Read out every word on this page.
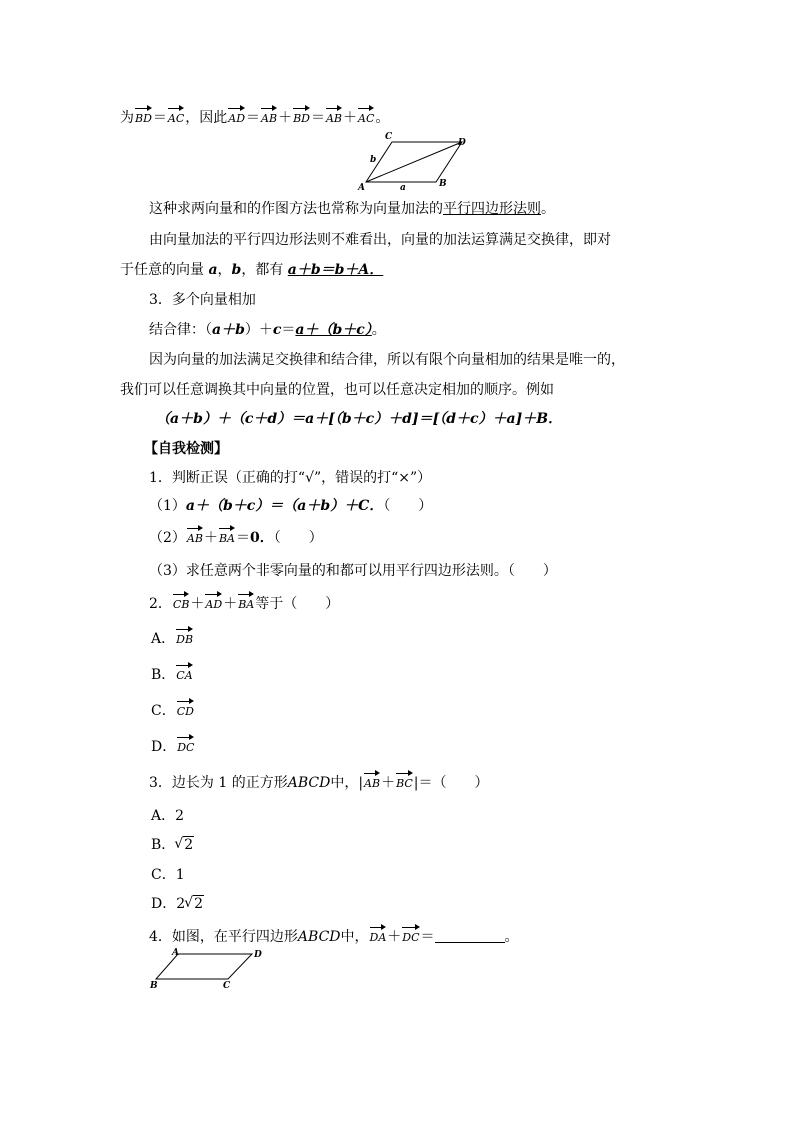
为BD＝AC，因此AD＝AB＋BD＝AB＋AC。
C
D
A	B
b
a
这种求两向量和的作图方法也常称为向量加法的平行四边形法则。
由向量加法的平行四边形法则不难看出，向量的加法运算满足交换律，即对
于任意的向量 a，b，都有 a＋b＝b＋A．
3．多个向量相加
结合律：（a＋b）＋c＝a＋（b＋c）。
因为向量的加法满足交换律和结合律，所以有限个向量相加的结果是唯一的，
我们可以任意调换其中向量的位置，也可以任意决定相加的顺序。例如
（a＋b）＋（c＋d）＝a＋[（b＋c）＋d]＝[（d＋c）＋a]＋B．
【自我检测】
1．判断正误（正确的打“√”，错误的打“×”）
（1）a＋（b＋c）＝（a＋b）＋C．（　　）
（2）AB＋BA＝0．（　　）
（3）求任意两个非零向量的和都可以用平行四边形法则。（　　）
2．CB＋AD＋BA等于（　　）
A．DB
B．CA
C．CD
D．DC
3．边长为 1 的正方形ABCD中，|AB＋BC|＝（　　）
A．2
B． √ 2
C．1
D．2 √ 2
4．如图，在平行四边形ABCD中，DA＋DC＝	。
A	D
B	C
